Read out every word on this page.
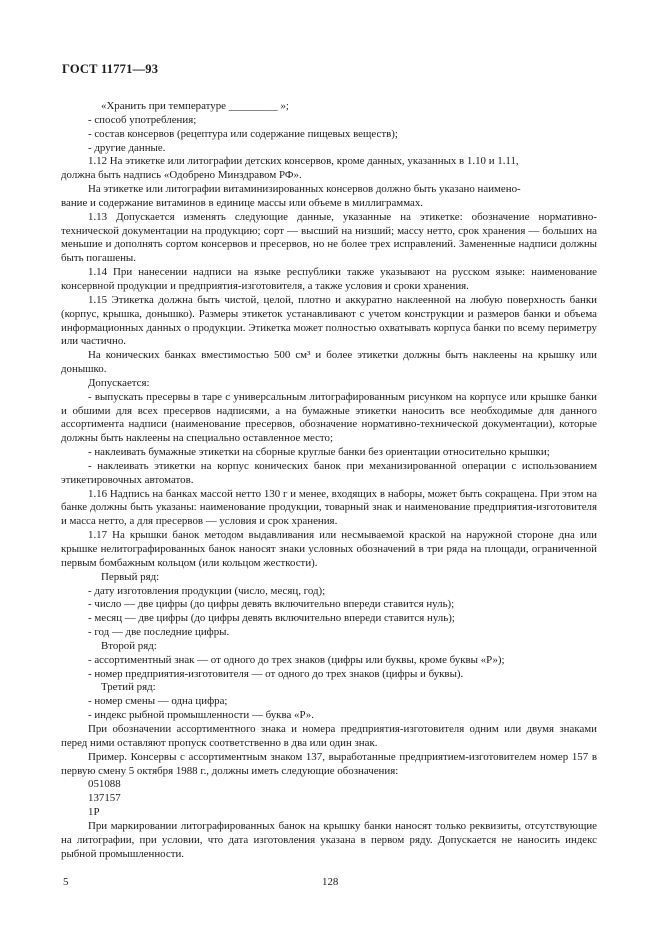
ГОСТ 11771—93

«Хранить при температуре _________ »;

- способ употребления;

- состав консервов (рецептура или содержание пищевых веществ);

- другие данные.

1.12 На этикетке или литографии детских консервов, кроме данных, указанных в 1.10 и 1.11,

должна быть надпись «Одобрено Минздравом РФ».

На этикетке или литографии витаминизированных консервов должно быть указано наимено-

вание и содержание витаминов в единице массы или объеме в миллиграммах.

1.13 Допускается изменять следующие данные, указанные на этикетке: обозначение нормативно-технической документации на продукцию; сорт — высший на низший; массу нетто, срок хранения — больших на меньшие и дополнять сортом консервов и пресервов, но не более трех исправлений. Замененные надписи должны быть погашены.

1.14 При нанесении надписи на языке республики также указывают на русском языке: наименование консервной продукции и предприятия-изготовителя, а также условия и сроки хранения.

1.15 Этикетка должна быть чистой, целой, плотно и аккуратно наклеенной на любую поверхность банки (корпус, крышка, донышко). Размеры этикеток устанавливают с учетом конструкции и размеров банки и объема информационных данных о продукции. Этикетка может полностью охватывать корпуса банки по всему периметру или частично.

На конических банках вместимостью 500 см³ и более этикетки должны быть наклеены на крышку или донышко.

Допускается:

- выпускать пресервы в таре с универсальным литографированным рисунком на корпусе или крышке банки и обшими для всех пресервов надписями, а на бумажные этикетки наносить все необходимые для данного ассортимента надписи (наименование пресервов, обозначение нормативно-технической документации), которые должны быть наклеены на специально оставленное место;

- наклеивать бумажные этикетки на сборные круглые банки без ориентации относительно крышки;

- наклеивать этикетки на корпус конических банок при механизированной операции с использованием этикетировочных автоматов.

1.16 Надпись на банках массой нетто 130 г и менее, входящих в наборы, может быть сокращена. При этом на банке должны быть указаны: наименование продукции, товарный знак и наименование предприятия-изготовителя и масса нетто, а для пресервов — условия и срок хранения.

1.17 На крышки банок методом выдавливания или несмываемой краской на наружной стороне дна или крышке нелитографированных банок наносят знаки условных обозначений в три ряда на площади, ограниченной первым бомбажным кольцом (или кольцом жесткости).

Первый ряд:

- дату изготовления продукции (число, месяц, год);

- число — две цифры (до цифры девять включительно впереди ставится нуль);

- месяц — две цифры (до цифры девять включительно впереди ставится нуль);

- год — две последние цифры.

Второй ряд:

- ассортиментный знак — от одного до трех знаков (цифры или буквы, кроме буквы «Р»);

- номер предприятия-изготовителя — от одного до трех знаков (цифры и буквы).

Третий ряд:

- номер смены — одна цифра;

- индекс рыбной промышленности — буква «Р».

При обозначении ассортиментного знака и номера предприятия-изготовителя одним или двумя знаками перед ними оставляют пропуск соответственно в два или один знак.

Пример. Консервы с ассортиментным знаком 137, выработанные предприятием-изготовителем номер 157 в первую смену 5 октября 1988 г., должны иметь следующие обозначения:

051088

137157

1Р

При маркировании литографированных банок на крышку банки наносят только реквизиты, отсутствующие на литографии, при условии, что дата изготовления указана в первом ряду. Допускается не наносить индекс рыбной промышленности.

5	128
